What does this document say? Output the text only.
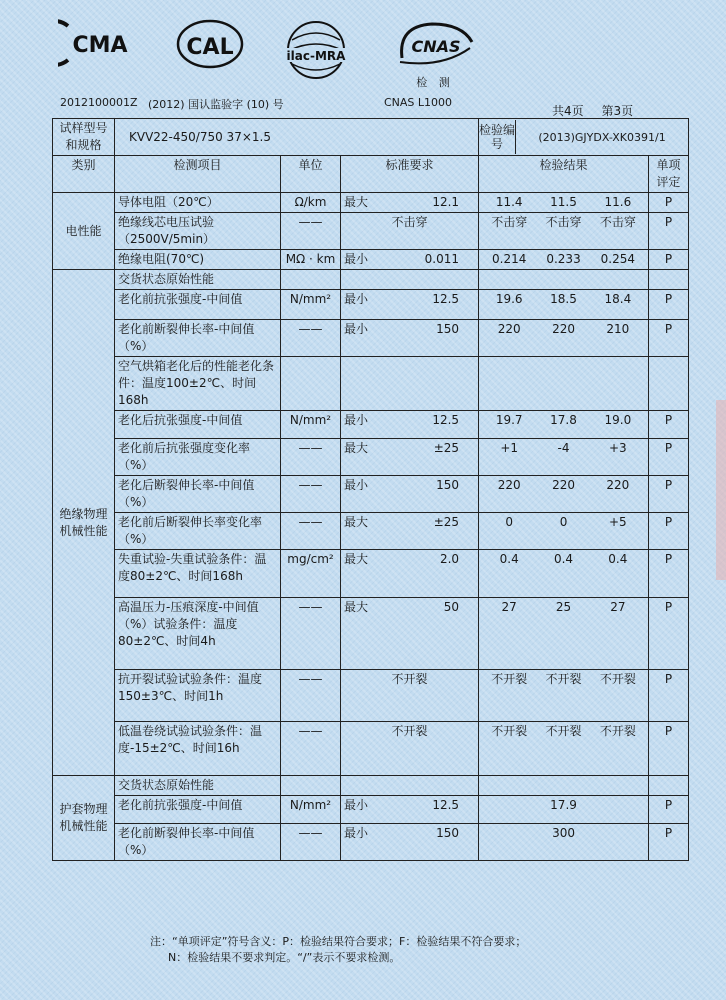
CMA	CAL	ilac-MRA	CNAS
检 测
2012100001Z (2012) 国认监验字 (10) 号	CNAS L1000
共4页 第3页
试样型号和规格	KVV22-450/750 37×1.5			检验编号 (2013)GJYDX-XK0391/1	

类别	检测项目	单位	标准要求	检验结果	单项评定
电性能	导体电阻（20℃）	Ω/km	最大 12.1	11.4 11.5 11.6	P
	绝缘线芯电压试验（2500V/5min）	——	不击穿	不击穿 不击穿 不击穿	P
	绝缘电阻(70℃)	MΩ · km	最小 0.011	0.214 0.233 0.254	P
绝缘物理机械性能	交货状态原始性能		

	老化前抗张强度-中间值	N/mm²	最小 12.5	19.6 18.5 18.4	P
	老化前断裂伸长率-中间值（%）	——	最小 150	220 220 210	P
	空气烘箱老化后的性能老化条件：温度100±2℃、时间168h		

	老化后抗张强度-中间值	N/mm²	最小 12.5	19.7 17.8 19.0	P
	老化前后抗张强度变化率（%）	——	最大 ±25	+1 -4 +3	P
	老化后断裂伸长率-中间值（%）	——	最小 150	220 220 220	P
	老化前后断裂伸长率变化率（%）	——	最大 ±25	0 0 +5	P
	失重试验-失重试验条件：温度80±2℃、时间168h	mg/cm²	最大 2.0	0.4 0.4 0.4	P
	高温压力-压痕深度-中间值（%）试验条件：温度80±2℃、时间4h	——	最大 50	27 25 27	P
	抗开裂试验试验条件：温度150±3℃、时间1h	——	不开裂	不开裂 不开裂 不开裂	P
	低温卷绕试验试验条件：温度-15±2℃、时间16h	——	不开裂	不开裂 不开裂 不开裂	P
护套物理机械性能	交货状态原始性能		

	老化前抗张强度-中间值	N/mm²	最小 12.5	17.9	P
	老化前断裂伸长率-中间值（%）	——	最小 150	300	P
注：“单项评定”符号含义：P：检验结果符合要求；F：检验结果不符合要求；
N：检验结果不要求判定。“/”表示不要求检测。
